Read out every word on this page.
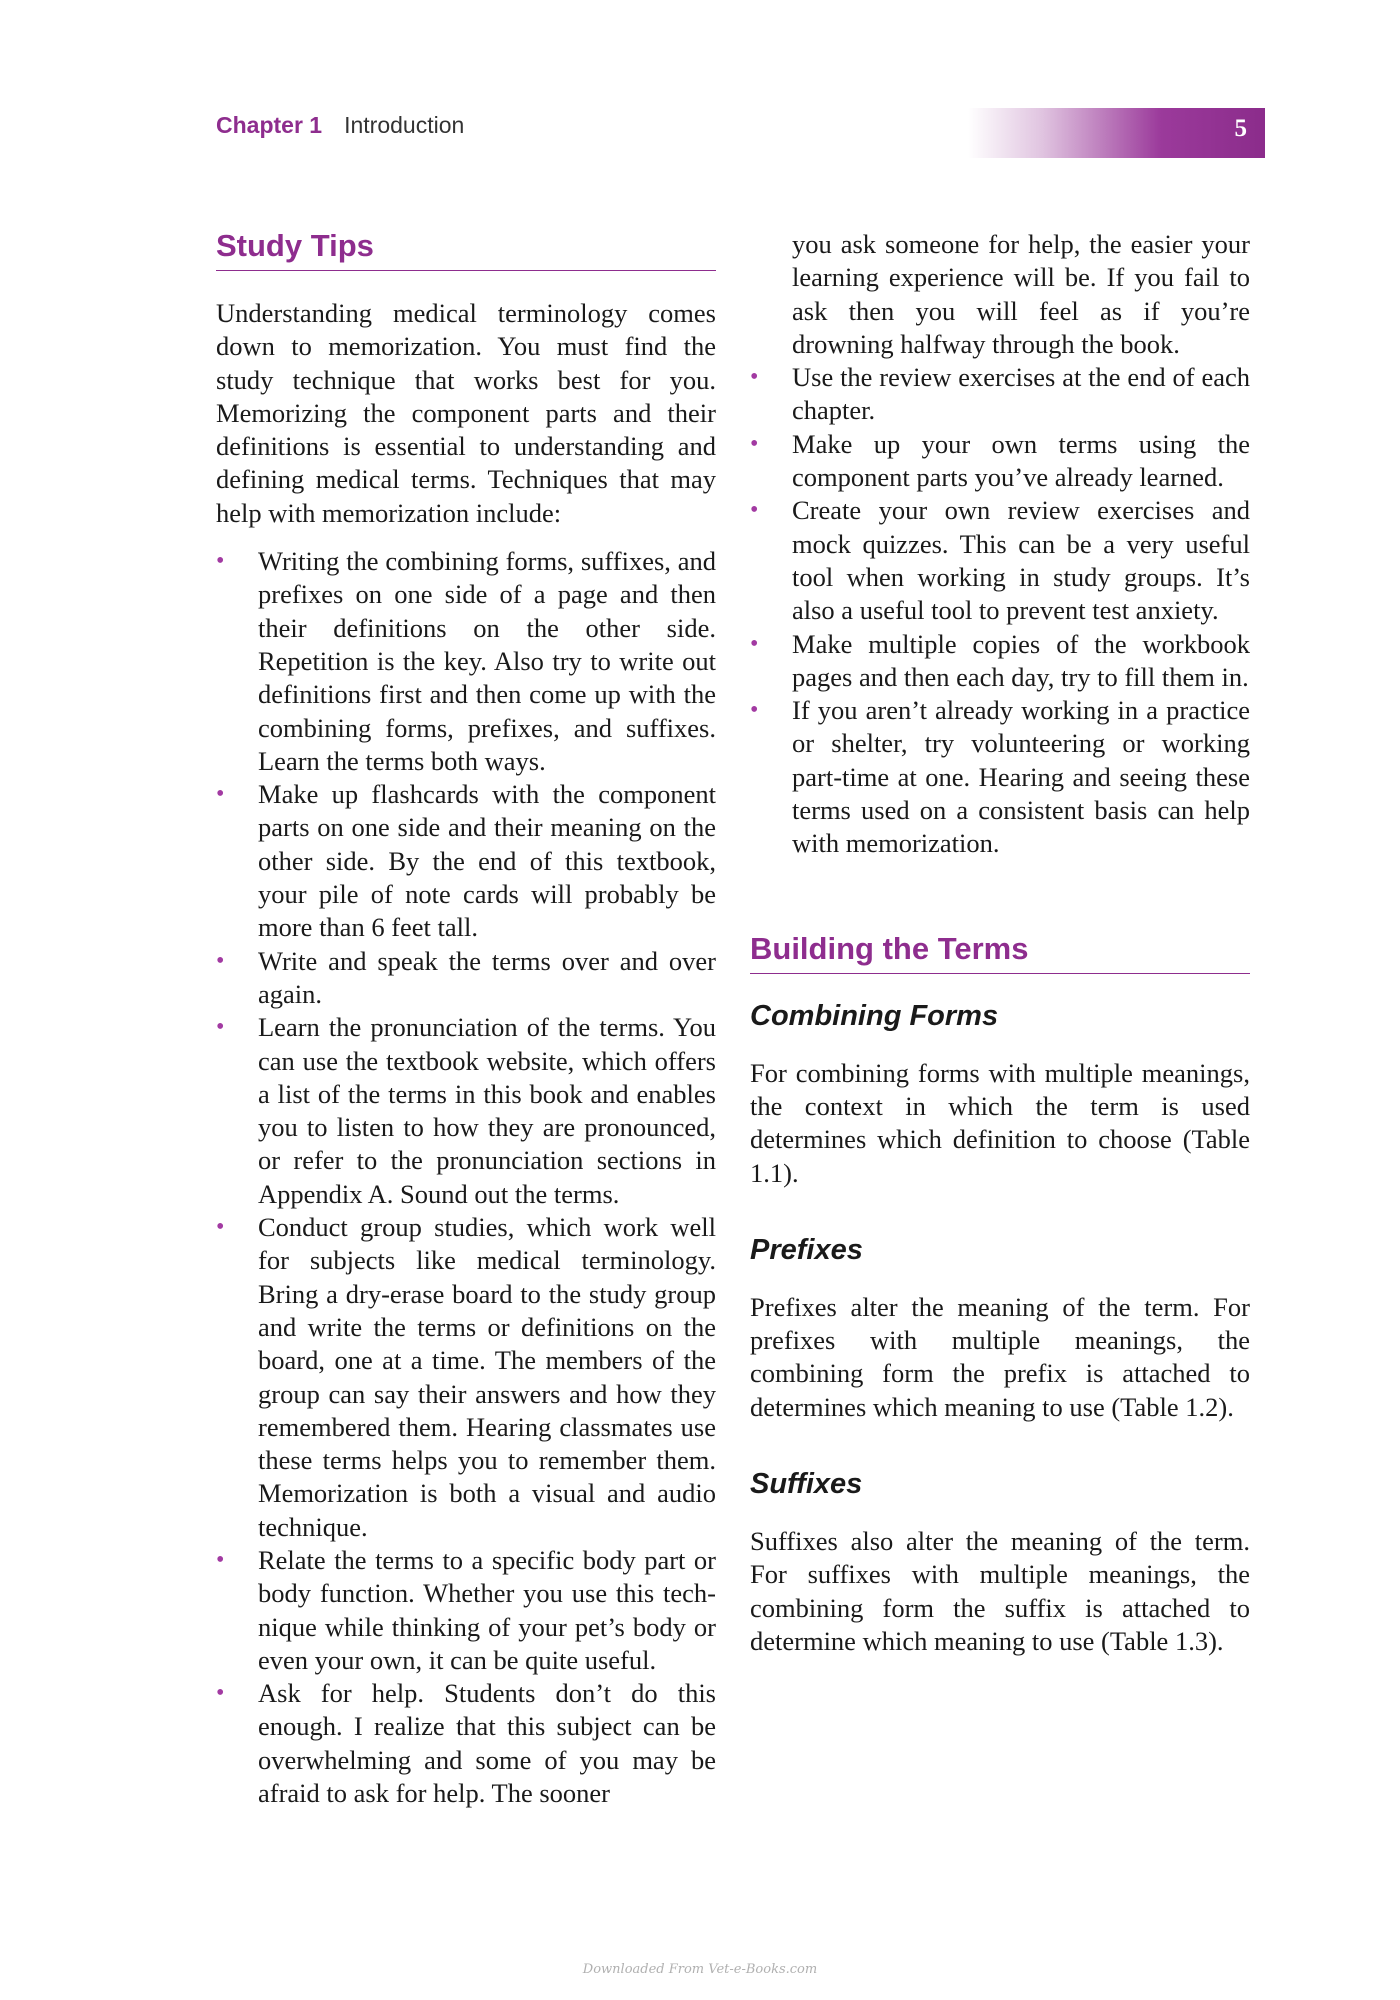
Chapter 1 Introduction	5
Study Tips

Understanding medical terminology comes down to memorization. You must find the study technique that works best for you. Memorizing the component parts and their definitions is essential to understanding and defining medical terms. Techniques that may help with memorization include:

• Writing the combining forms, suffixes, and prefixes on one side of a page and then their definitions on the other side. Repetition is the key. Also try to write out definitions first and then come up with the combining forms, prefixes, and suffixes. Learn the terms both ways.
• Make up flashcards with the component parts on one side and their meaning on the other side. By the end of this textbook, your pile of note cards will probably be more than 6 feet tall.
• Write and speak the terms over and over again.
• Learn the pronunciation of the terms. You can use the textbook website, which offers a list of the terms in this book and enables you to listen to how they are pronounced, or refer to the pronunciation sections in Appendix A. Sound out the terms.
• Conduct group studies, which work well for subjects like medical terminology. Bring a dry-erase board to the study group and write the terms or definitions on the board, one at a time. The members of the group can say their answers and how they remembered them. Hearing classmates use these terms helps you to remember them. Memorization is both a visual and audio technique.
• Relate the terms to a specific body part or body function. Whether you use this technique while thinking of your pet’s body or even your own, it can be quite useful.
• Ask for help. Students don’t do this enough. I realize that this subject can be overwhelming and some of you may be afraid to ask for help. The sooner

you ask someone for help, the easier your learning experience will be. If you fail to ask then you will feel as if you’re drowning halfway through the book.

• Use the review exercises at the end of each chapter.
• Make up your own terms using the component parts you’ve already learned.
• Create your own review exercises and mock quizzes. This can be a very useful tool when working in study groups. It’s also a useful tool to prevent test anxiety.
• Make multiple copies of the workbook pages and then each day, try to fill them in.
• If you aren’t already working in a practice or shelter, try volunteering or working part-time at one. Hearing and seeing these terms used on a consistent basis can help with memorization.
Building the Terms
Combining Forms

For combining forms with multiple meanings, the context in which the term is used determines which definition to choose (Table 1.1).

Prefixes

Prefixes alter the meaning of the term. For prefixes with multiple meanings, the combining form the prefix is attached to determines which meaning to use (Table 1.2).

Suffixes

Suffixes also alter the meaning of the term. For suffixes with multiple meanings, the combining form the suffix is attached to determine which meaning to use (Table 1.3).

Downloaded From Vet-e-Books.com
